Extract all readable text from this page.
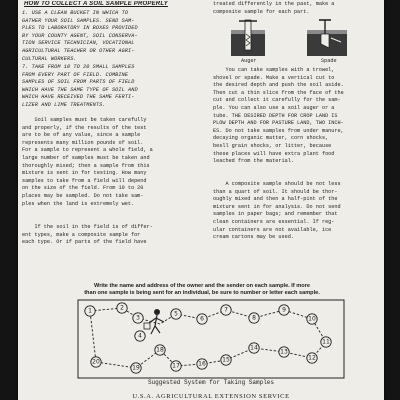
HOW TO COLLECT A SOIL SAMPLE PROPERLY
1. USE A CLEAN BUCKET IN WHICH TO
GATHER YOUR SOIL SAMPLES. SEND SAM-
PLES TO LABORATORY IN BOXES PROVIDED
BY YOUR COUNTY AGENT, SOIL CONSERVA-
TION SERVICE TECHNICIAN, VOCATIONAL
AGRICULTURAL TEACHER OR OTHER AGRI-
CULTURAL WORKERS.
7. TAKE FROM 10 TO 20 SMALL SAMPLES
FROM EVERY PART OF FIELD. COMBINE
SAMPLES OF SOIL FROM PARTS OF FIELD
WHICH HAVE THE SAME TYPE OF SOIL AND
WHICH HAVE RECEIVED THE SAME FERTI-
LIZER AND LIME TREATMENTS.
Soil samples must be taken carefully
and properly, if the results of the test
are to be of any value, since a sample
represents many million pounds of soil.
For a sample to represent a whole field, a
large number of samples must be taken and
thoroughly mixed; then a sample from this
mixture is sent in for testing. How many
samples to take from a field will depend
on the size of the field. From 10 to 20
places may be sampled. Do not take sam-
ples when the land is extremely wet.
If the soil in the field is of differ-
ent types, make a composite sample for
each type. Or if parts of the field have
treated differently in the past, make a
composite sample for each part.
Auger	Spade
You can take samples with a trowel,
shovel or spade. Make a vertical cut to
the desired depth and push the soil aside.
Then cut a thin slice from the face of the
cut and collect it carefully for the sam-
ple. You can also use a soil auger or a
tube. THE DESIRED DEPTH FOR CROP LAND IS
PLOW DEPTH AND FOR PASTURE LAND, TWO INCH-
ES. Do not take samples from under manure,
decaying organic matter, corn shocks,
besll grain shocks, or litter, because
these places will have extra plant food
leached from the material.
A composite sample should be not less
than a quart of soil. It should be thor-
oughly mixed and then a half-pint of the
mixture sent in for analysis. Do not send
samples in paper bags; and remember that
clean containers are essential. If reg-
ular containers are not available, ice
cream cartons may be used.
Write the name and address of the owner and the sender on each sample. If more
than one sample is being sent for an individual, be sure to number or letter each sample.
1	2
3
4
5
6
7
8
9
10
11
12
13
14
15
16
17
18
19
20
Suggested System for Taking Samples
U.S.A. AGRICULTURAL EXTENSION SERVICE
